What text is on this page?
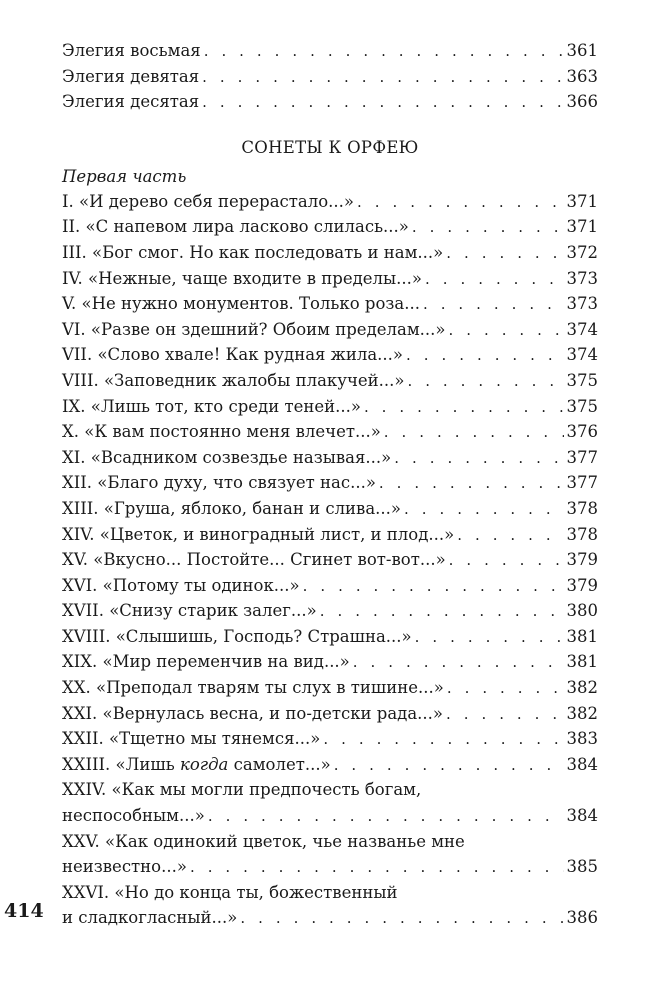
Элегия восьмая . . .	361
Элегия девятая . . .	363
Элегия десятая . . .	366
СОНЕТЫ К ОРФЕЮ
Первая часть
I. «И дерево себя перерастало...» . . .	371
II. «С напевом лира ласково слилась...» . . .	371
III. «Бог смог. Но как последовать и нам...» . . .	372
IV. «Нежные, чаще входите в пределы...» . . .	373
V. «Не нужно монументов. Только роза... . . .	373
VI. «Разве он здешний? Обоим пределам...» . . .	374
VII. «Слово хвале! Как рудная жила...» . . .	374
VIII. «Заповедник жалобы плакучей...» . . .	375
IX. «Лишь тот, кто среди теней...» . . .	375
X. «К вам постоянно меня влечет...» . . .	376
XI. «Всадником созвездье называя...» . . .	377
XII. «Благо духу, что связует нас...» . . .	377
XIII. «Груша, яблоко, банан и слива...» . . .	378
XIV. «Цветок, и виноградный лист, и плод...» . . .	378
XV. «Вкусно... Постойте... Сгинет вот-вот...» . . .	379
XVI. «Потому ты одинок...» . . .	379
XVII. «Снизу старик залег...» . . .	380
XVIII. «Слышишь, Господь? Страшна...» . . .	381
XIX. «Мир переменчив на вид...» . . .	381
XX. «Преподал тварям ты слух в тишине...» . . .	382
XXI. «Вернулась весна, и по-детски рада...» . . .	382
XXII. «Тщетно мы тянемся...» . . .	383
XXIII. «Лишь когда самолет...» . . .	384
XXIV. «Как мы могли предпочесть богам,
неспособным...» . . .	384
XXV. «Как одинокий цветок, чье названье мне
неизвестно...» . . .	385
XXVI. «Но до конца ты, божественный
и сладкогласный...» . . .	386
414
